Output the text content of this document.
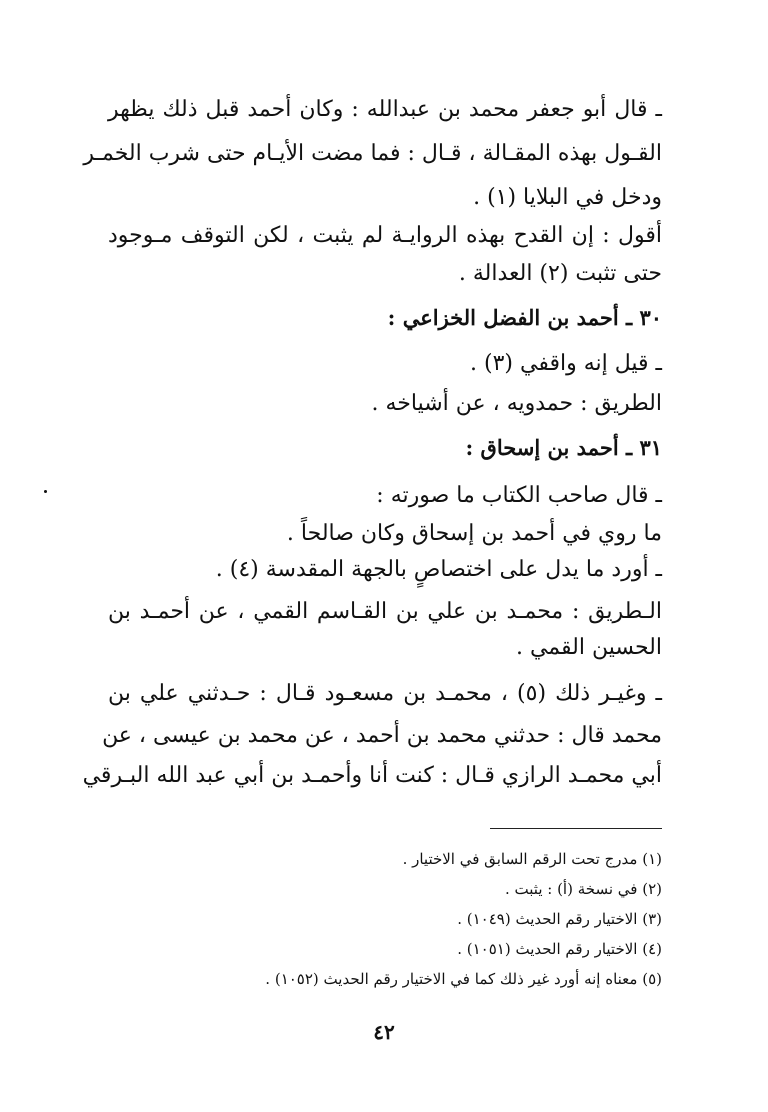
ـ قال أبو جعفر محمد بن عبدالله : وكان أحمد قبل ذلك يظهر
القـول بهذه المقـالة ، قـال : فما مضت الأيـام حتى شرب الخمـر
ودخل في البلايا (١) .
أقول : إن القدح بهذه الروايـة لم يثبت ، لكن التوقف مـوجود
حتى تثبت (٢) العدالة .
٣٠ ـ أحمد بن الفضل الخزاعي :
ـ قيل إنه واقفي (٣) .
الطريق : حمدويه ، عن أشياخه .
٣١ ـ أحمد بن إسحاق :
ـ قال صاحب الكتاب ما صورته :
ما روي في أحمد بن إسحاق وكان صالحاً .
ـ أورد ما يدل على اختصاصٍ بالجهة المقدسة (٤) .
الـطريق : محمـد بن علي بن القـاسم القمي ، عن أحمـد بن
الحسين القمي .
ـ وغيـر ذلك (٥) ، محمـد بن مسعـود قـال : حـدثني علي بن
محمد قال : حدثني محمد بن أحمد ، عن محمد بن عيسى ، عن
أبي محمـد الرازي قـال : كنت أنا وأحمـد بن أبي عبد الله البـرقي
(١) مدرج تحت الرقم السابق في الاختيار .
(٢) في نسخة (أ) : يثبت .
(٣) الاختيار رقم الحديث (١٠٤٩) .
(٤) الاختيار رقم الحديث (١٠٥١) .
(٥) معناه إنه أورد غير ذلك كما في الاختيار رقم الحديث (١٠٥٢) .
٤٢
